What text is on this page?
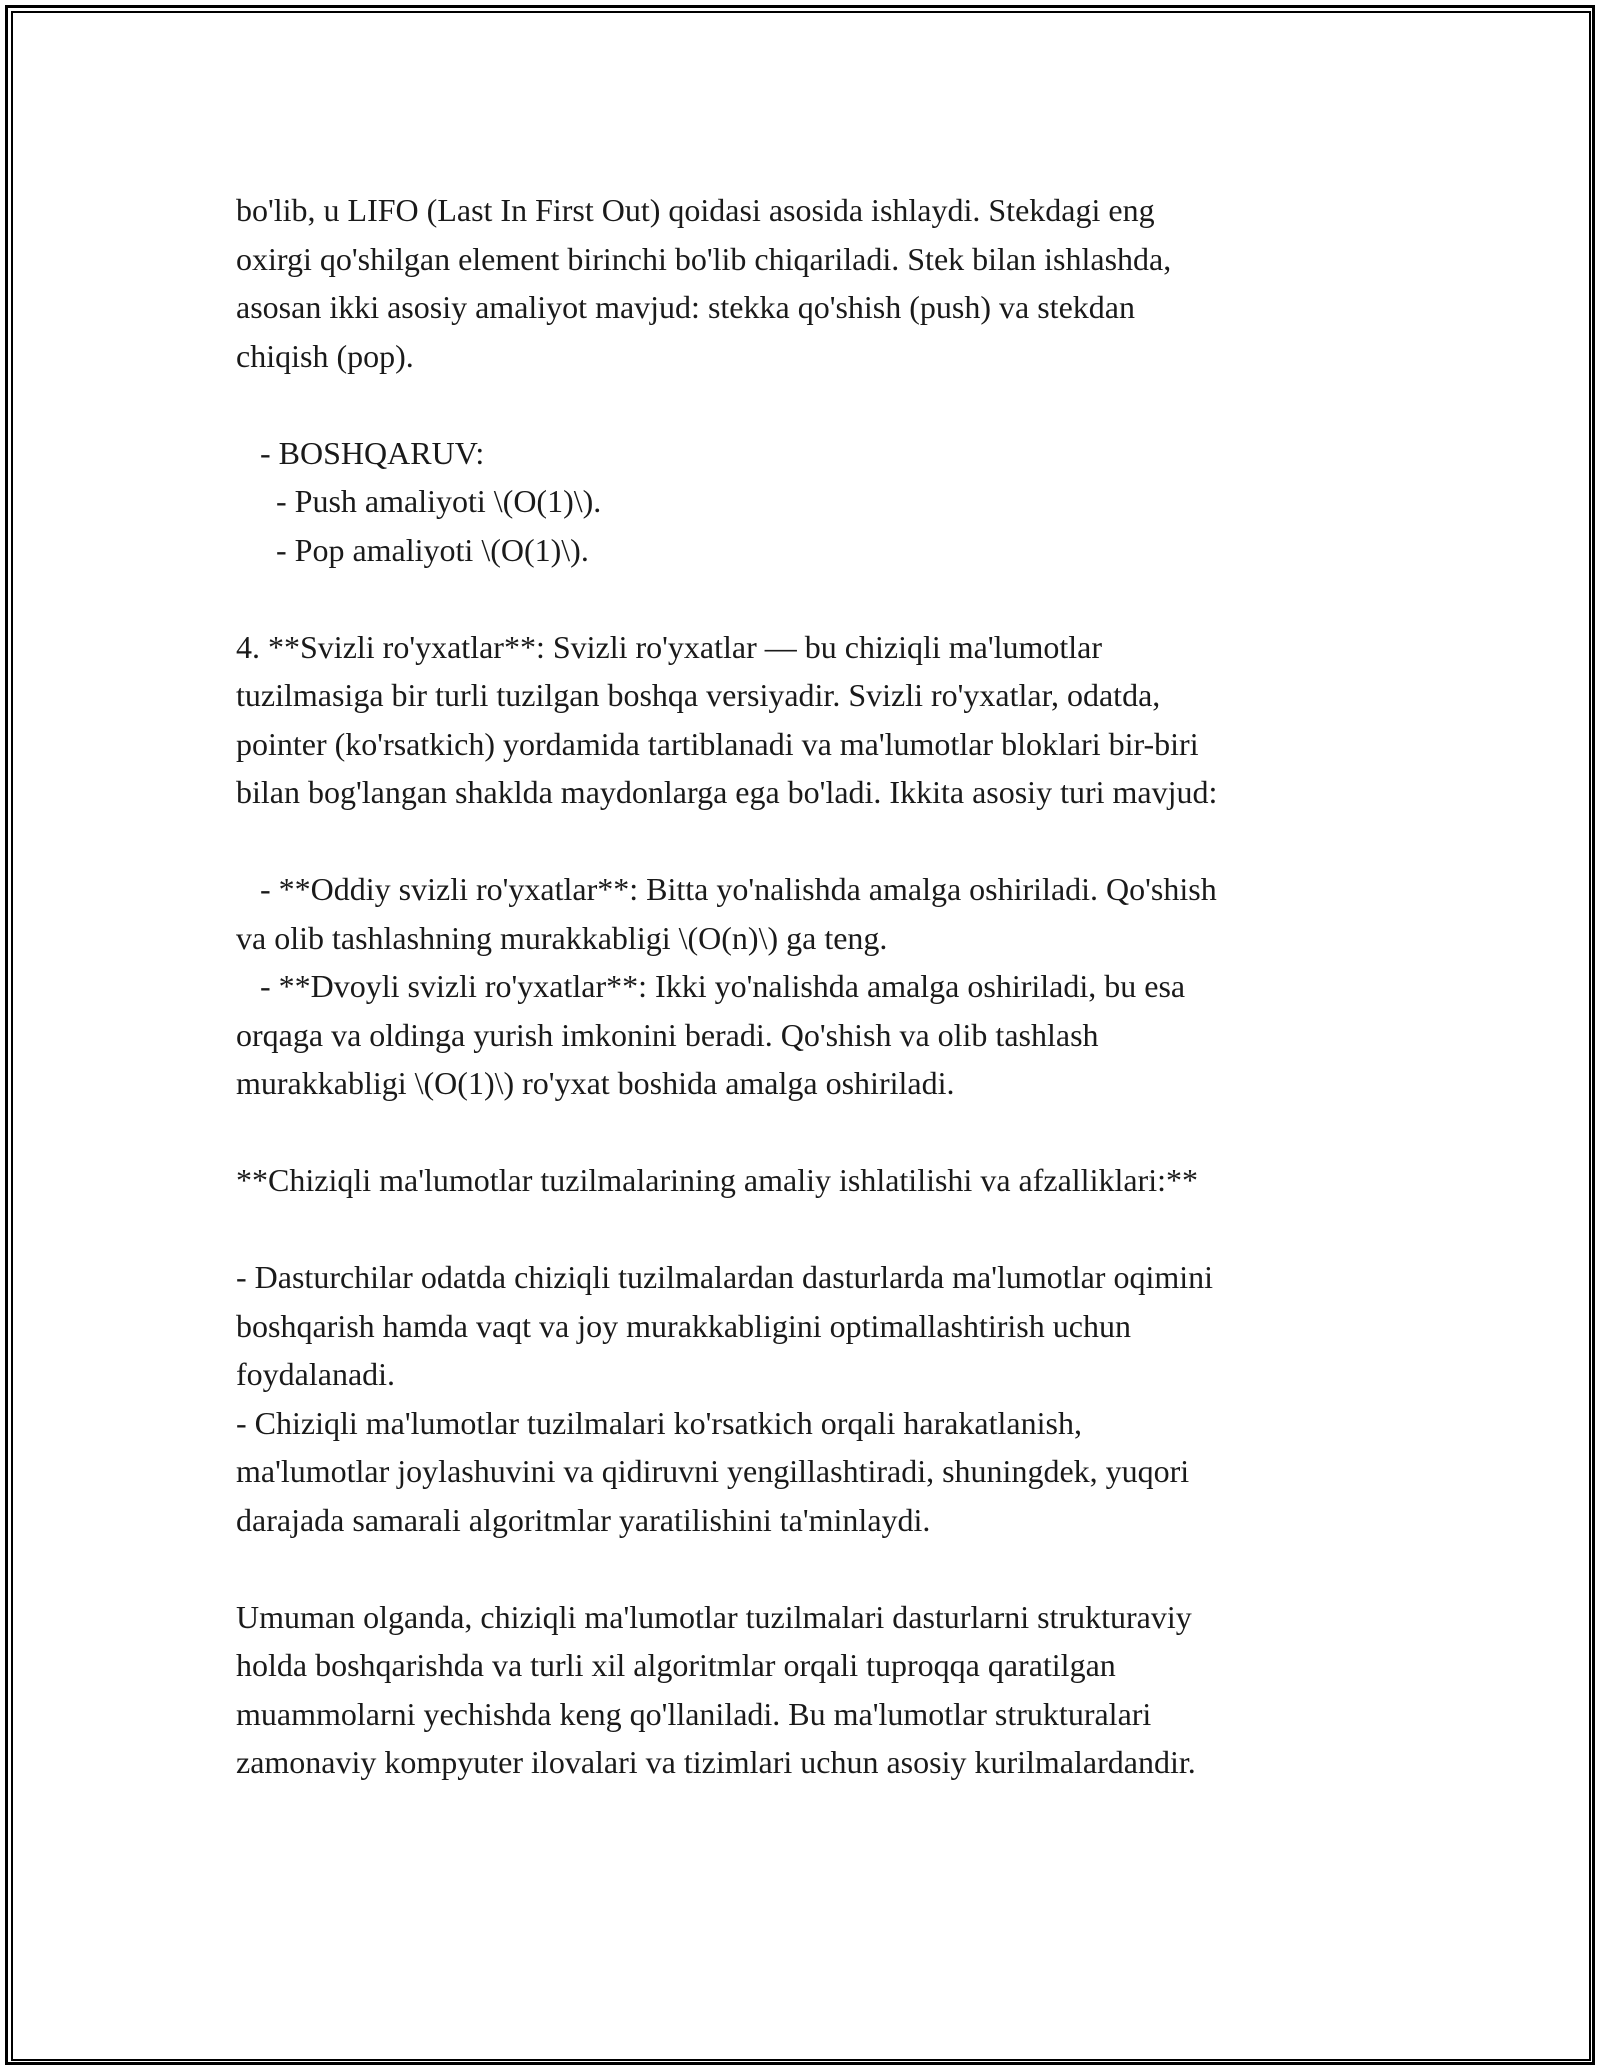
bo'lib, u LIFO (Last In First Out) qoidasi asosida ishlaydi. Stekdagi eng
oxirgi qo'shilgan element birinchi bo'lib chiqariladi. Stek bilan ishlashda,
asosan ikki asosiy amaliyot mavjud: stekka qo'shish (push) va stekdan
chiqish (pop).
- BOSHQARUV:
- Push amaliyoti \(O(1)\).
- Pop amaliyoti \(O(1)\).
4. **Svizli ro'yxatlar**: Svizli ro'yxatlar — bu chiziqli ma'lumotlar
tuzilmasiga bir turli tuzilgan boshqa versiyadir. Svizli ro'yxatlar, odatda,
pointer (ko'rsatkich) yordamida tartiblanadi va ma'lumotlar bloklari bir-biri
bilan bog'langan shaklda maydonlarga ega bo'ladi. Ikkita asosiy turi mavjud:
- **Oddiy svizli ro'yxatlar**: Bitta yo'nalishda amalga oshiriladi. Qo'shish
va olib tashlashning murakkabligi \(O(n)\) ga teng.
- **Dvoyli svizli ro'yxatlar**: Ikki yo'nalishda amalga oshiriladi, bu esa
orqaga va oldinga yurish imkonini beradi. Qo'shish va olib tashlash
murakkabligi \(O(1)\) ro'yxat boshida amalga oshiriladi.
**Chiziqli ma'lumotlar tuzilmalarining amaliy ishlatilishi va afzalliklari:**
- Dasturchilar odatda chiziqli tuzilmalardan dasturlarda ma'lumotlar oqimini
boshqarish hamda vaqt va joy murakkabligini optimallashtirish uchun
foydalanadi.
- Chiziqli ma'lumotlar tuzilmalari ko'rsatkich orqali harakatlanish,
ma'lumotlar joylashuvini va qidiruvni yengillashtiradi, shuningdek, yuqori
darajada samarali algoritmlar yaratilishini ta'minlaydi.
Umuman olganda, chiziqli ma'lumotlar tuzilmalari dasturlarni strukturaviy
holda boshqarishda va turli xil algoritmlar orqali tuproqqa qaratilgan
muammolarni yechishda keng qo'llaniladi. Bu ma'lumotlar strukturalari
zamonaviy kompyuter ilovalari va tizimlari uchun asosiy kurilmalardandir.
